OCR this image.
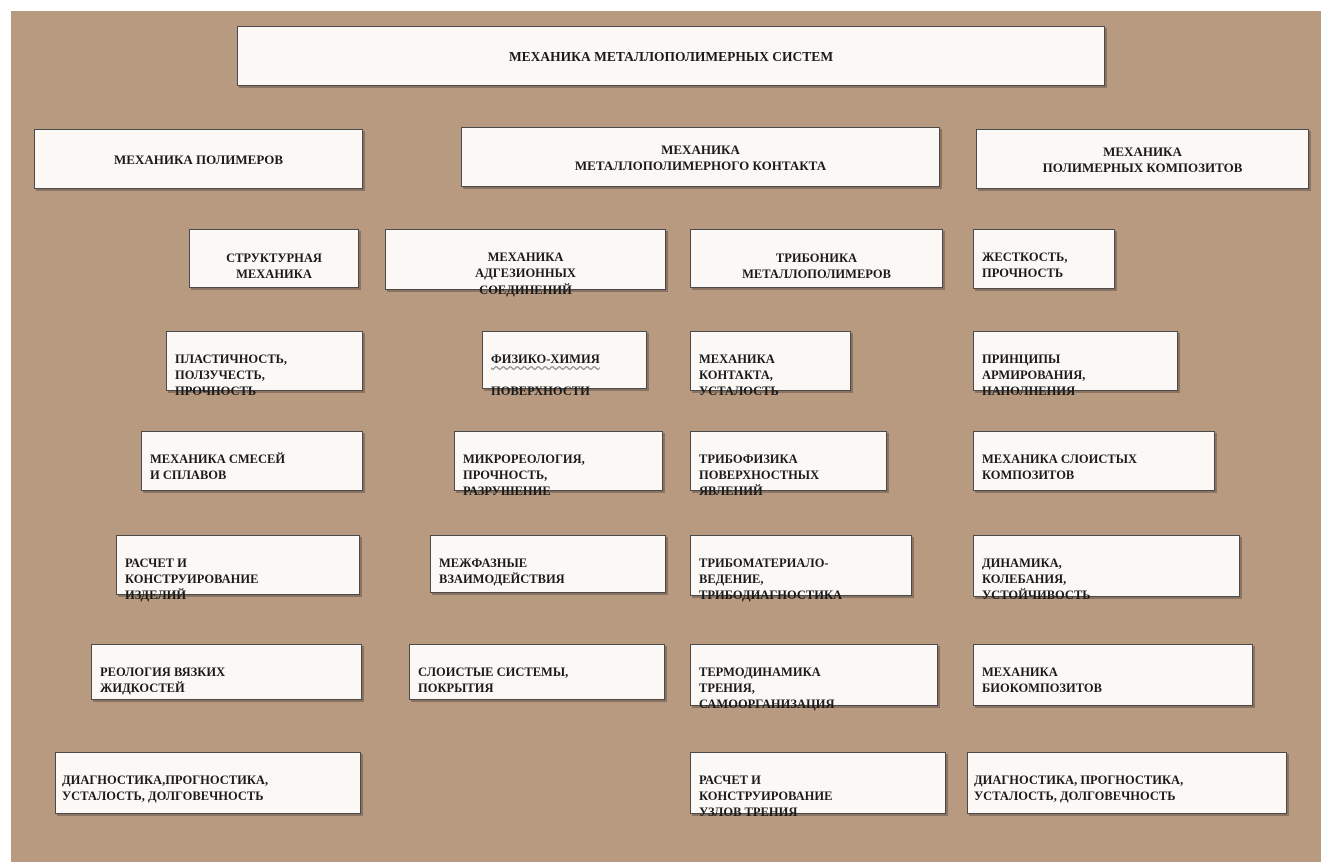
МЕХАНИКА МЕТАЛЛОПОЛИМЕРНЫХ СИСТЕМ
МЕХАНИКА ПОЛИМЕРОВ
МЕХАНИКА
МЕТАЛЛОПОЛИМЕРНОГО КОНТАКТА
МЕХАНИКА
ПОЛИМЕРНЫХ КОМПОЗИТОВ

СТРУКТУРНАЯ
МЕХАНИКА

ПЛАСТИЧНОСТЬ,
ПОЛЗУЧЕСТЬ,
ПРОЧНОСТЬ

МЕХАНИКА СМЕСЕЙ
И СПЛАВОВ

РАСЧЕТ И
КОНСТРУИРОВАНИЕ
ИЗДЕЛИЙ

РЕОЛОГИЯ ВЯЗКИХ
ЖИДКОСТЕЙ

ДИАГНОСТИКА,ПРОГНОСТИКА,
УСТАЛОСТЬ, ДОЛГОВЕЧНОСТЬ

МЕХАНИКА
АДГЕЗИОННЫХ
СОЕДИНЕНИЙ

ФИЗИКО-ХИМИЯ

ПОВЕРХНОСТИ

МИКРОРЕОЛОГИЯ,
ПРОЧНОСТЬ,
РАЗРУШЕНИЕ

МЕЖФАЗНЫЕ
ВЗАИМОДЕЙСТВИЯ

СЛОИСТЫЕ СИСТЕМЫ,
ПОКРЫТИЯ

ТРИБОНИКА
МЕТАЛЛОПОЛИМЕРОВ

МЕХАНИКА
КОНТАКТА,
УСТАЛОСТЬ

ТРИБОФИЗИКА
ПОВЕРХНОСТНЫХ
ЯВЛЕНИЙ

ТРИБОМАТЕРИАЛО-
ВЕДЕНИЕ,
ТРИБОДИАГНОСТИКА

ТЕРМОДИНАМИКА
ТРЕНИЯ,
САМООРГАНИЗАЦИЯ

РАСЧЕТ И
КОНСТРУИРОВАНИЕ
УЗЛОВ ТРЕНИЯ

ЖЕСТКОСТЬ,
ПРОЧНОСТЬ

ПРИНЦИПЫ
АРМИРОВАНИЯ,
НАПОЛНЕНИЯ

МЕХАНИКА СЛОИСТЫХ
КОМПОЗИТОВ

ДИНАМИКА,
КОЛЕБАНИЯ,
УСТОЙЧИВОСТЬ

МЕХАНИКА
БИОКОМПОЗИТОВ

ДИАГНОСТИКА, ПРОГНОСТИКА,
УСТАЛОСТЬ, ДОЛГОВЕЧНОСТЬ
